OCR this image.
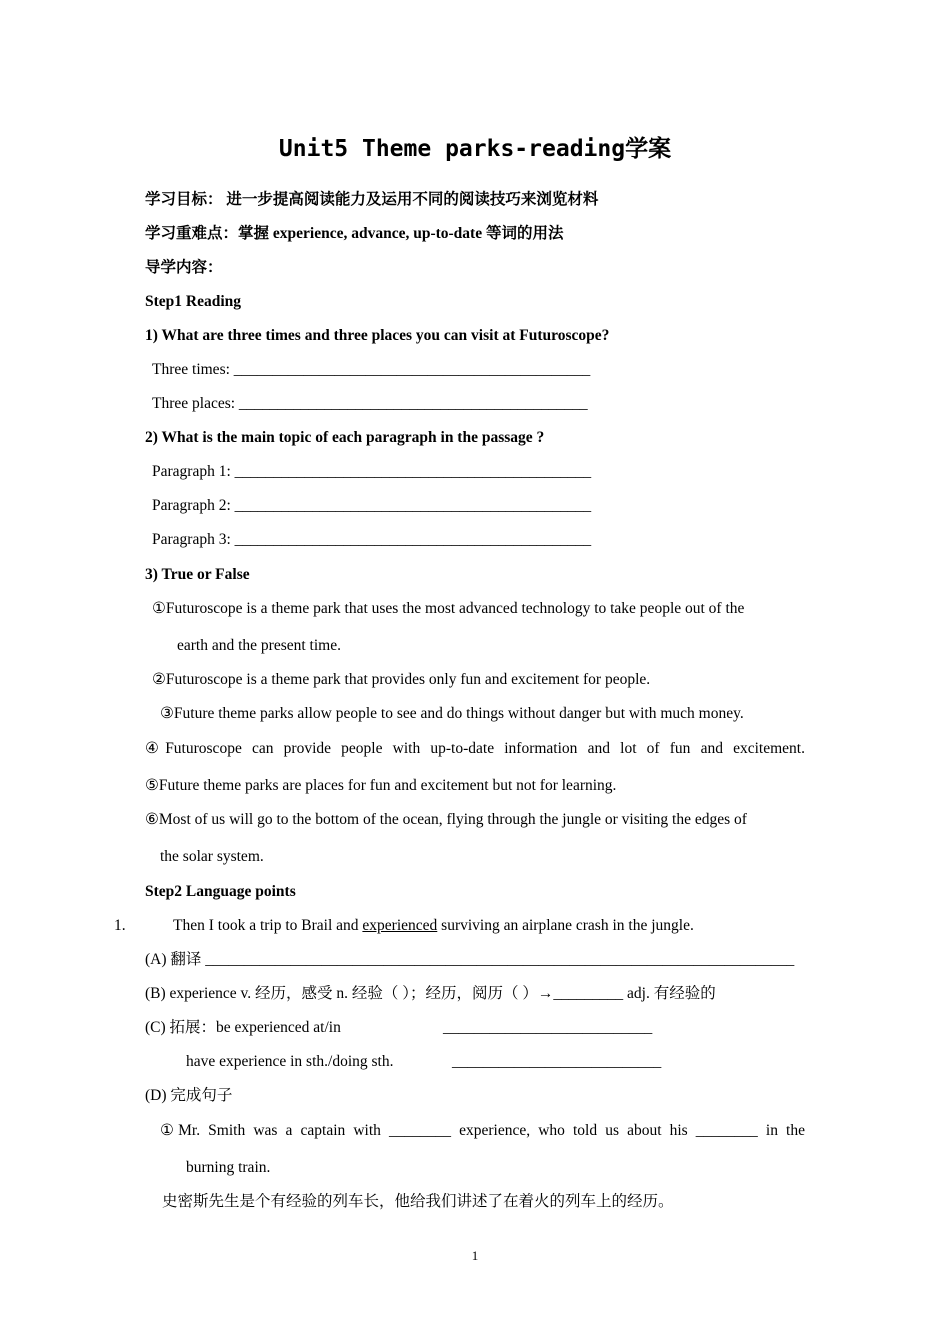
Unit5 Theme parks-reading学案
学习目标： 进一步提高阅读能力及运用不同的阅读技巧来浏览材料
学习重难点：掌握 experience, advance, up-to-date 等词的用法
导学内容：
Step1 Reading
1) What are three times and three places you can visit at Futuroscope?
Three times: ______________________________________________
Three places: _____________________________________________
2) What is the main topic of each paragraph in the passage ?
Paragraph 1: ______________________________________________
Paragraph 2: ______________________________________________
Paragraph 3: ______________________________________________
3) True or False
①Futuroscope is a theme park that uses the most advanced technology to take people out of the
earth and the present time.
②Futuroscope is a theme park that provides only fun and excitement for people.
③Future theme parks allow people to see and do things without danger but with much money.
④Futuroscope can provide people with up-to-date information and lot of fun and excitement.
⑤Future theme parks are places for fun and excitement but not for learning.
⑥Most of us will go to the bottom of the ocean, flying through the jungle or visiting the edges of
the solar system.
Step2 Language points
1.	Then I took a trip to Brail and experienced surviving an airplane crash in the jungle.
(A) 翻译 ____________________________________________________________________________
(B) experience v. 经历，感受 n. 经验（ ）；经历，阅历（ ）→_________ adj. 有经验的
(C) 拓展：be experienced at/in	___________________________
have experience in sth./doing sth.	___________________________
(D) 完成句子
①Mr. Smith was a captain with ________ experience, who told us about his ________ in the
burning train.
史密斯先生是个有经验的列车长，他给我们讲述了在着火的列车上的经历。
1
